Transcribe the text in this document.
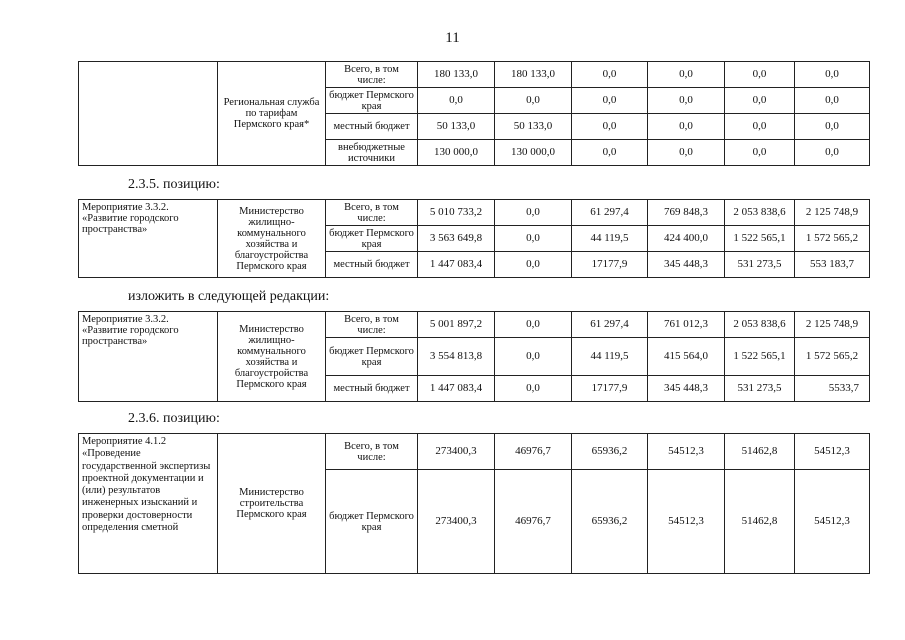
11
	Региональная служба по тарифам Пермского края*	Всего, в том числе:	180 133,0	180 133,0	0,0	0,0	0,0	0,0
		бюджет Пермского края	0,0	0,0	0,0	0,0	0,0	0,0
		местный бюджет	50 133,0	50 133,0	0,0	0,0	0,0	0,0
		внебюджетные источники	130 000,0	130 000,0	0,0	0,0	0,0	0,0
2.3.5. позицию:
Мероприятие 3.3.2. «Развитие городского пространства»	Министерство жилищно-коммунального хозяйства и благоустройства Пермского края	Всего, в том числе:	5 010 733,2	0,0	61 297,4	769 848,3	2 053 838,6	2 125 748,9
		бюджет Пермского края	3 563 649,8	0,0	44 119,5	424 400,0	1 522 565,1	1 572 565,2
		местный бюджет	1 447 083,4	0,0	17177,9	345 448,3	531 273,5	553 183,7
изложить в следующей редакции:
Мероприятие 3.3.2. «Развитие городского пространства»	Министерство жилищно-коммунального хозяйства и благоустройства Пермского края	Всего, в том числе:	5 001 897,2	0,0	61 297,4	761 012,3	2 053 838,6	2 125 748,9
		бюджет Пермского края	3 554 813,8	0,0	44 119,5	415 564,0	1 522 565,1	1 572 565,2
		местный бюджет	1 447 083,4	0,0	17177,9	345 448,3	531 273,5	5533,7
2.3.6. позицию:
Мероприятие 4.1.2 «Проведение государственной экспертизы проектной документации и (или) результатов инженерных изысканий и проверки достоверности определения сметной	Министерство строительства Пермского края	Всего, в том числе:	273400,3	46976,7	65936,2	54512,3	51462,8	54512,3
		бюджет Пермского края	273400,3	46976,7	65936,2	54512,3	51462,8	54512,3
